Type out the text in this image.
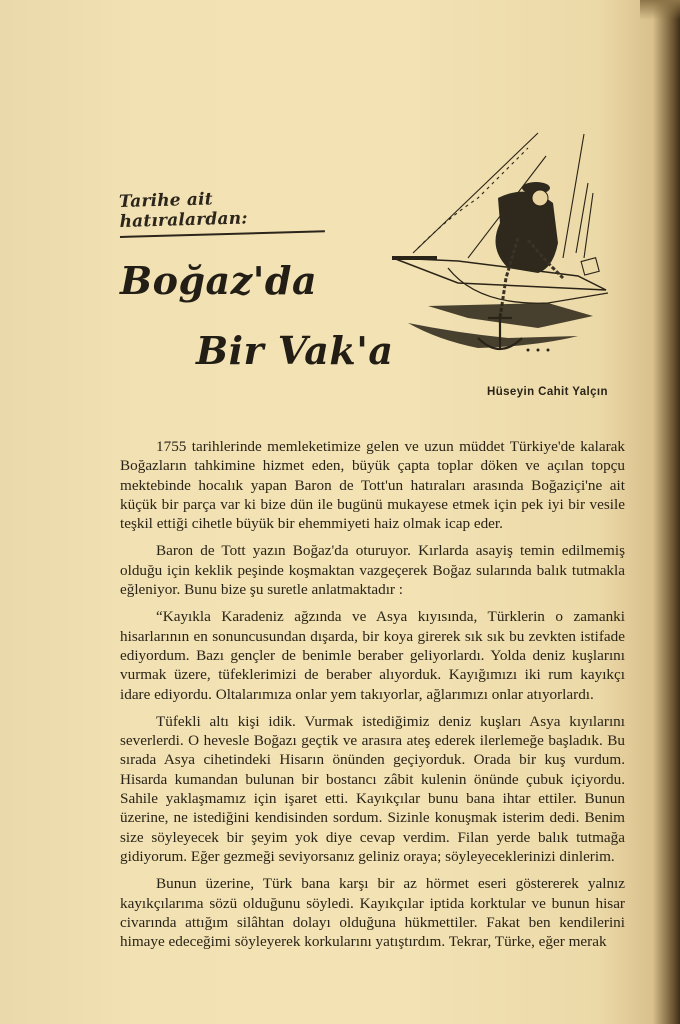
Tarihe ait hatıralardan:
Boğaz'da
Bir Vak'a
Hüseyin Cahit Yalçın

1755 tarihlerinde memleketimize gelen ve uzun müddet Türkiye'de kalarak Boğazların tahkimine hizmet eden, büyük çapta toplar döken ve açılan topçu mektebinde hocalık yapan Baron de Tott'un hatıraları arasında Boğaziçi'ne ait küçük bir parça var ki bize dün ile bugünü mukayese etmek için pek iyi bir vesile teşkil ettiği cihetle büyük bir ehemmiyeti haiz olmak icap eder.

Baron de Tott yazın Boğaz'da oturuyor. Kırlarda asayiş temin edilmemiş olduğu için keklik peşinde koşmaktan vazgeçerek Boğaz sularında balık tutmakla eğleniyor. Bunu bize şu suretle anlatmaktadır :

“Kayıkla Karadeniz ağzında ve Asya kıyısında, Türklerin o zamanki hisarlarının en sonuncusundan dışarda, bir koya girerek sık sık bu zevkten istifade ediyordum. Bazı gençler de benimle beraber geliyorlardı. Yolda deniz kuşlarını vurmak üzere, tüfeklerimizi de beraber alıyorduk. Kayığımızı iki rum kayıkçı idare ediyordu. Oltalarımıza onlar yem takıyorlar, ağlarımızı onlar atıyorlardı.

Tüfekli altı kişi idik. Vurmak istediğimiz deniz kuşları Asya kıyılarını severlerdi. O hevesle Boğazı geçtik ve arasıra ateş ederek ilerlemeğe başladık. Bu sırada Asya cihetindeki Hisarın önünden geçiyorduk. Orada bir kuş vurdum. Hisarda kumandan bulunan bir bostancı zâbit kulenin önünde çubuk içiyordu. Sahile yaklaşmamız için işaret etti. Kayıkçılar bunu bana ihtar ettiler. Bunun üzerine, ne istediğini kendisinden sordum. Sizinle konuşmak isterim dedi. Benim size söyleyecek bir şeyim yok diye cevap verdim. Filan yerde balık tutmağa gidiyorum. Eğer gezmeği seviyorsanız geliniz oraya; söyleyeceklerinizi dinlerim.

Bunun üzerine, Türk bana karşı bir az hörmet eseri göstererek yalnız kayıkçılarıma sözü olduğunu söyledi. Kayıkçılar iptida korktular ve bunun hisar civarında attığım silâhtan dolayı olduğuna hükmettiler. Fakat ben kendilerini himaye edeceğimi söyleyerek korkularını yatıştırdım. Tekrar, Türke, eğer merak
